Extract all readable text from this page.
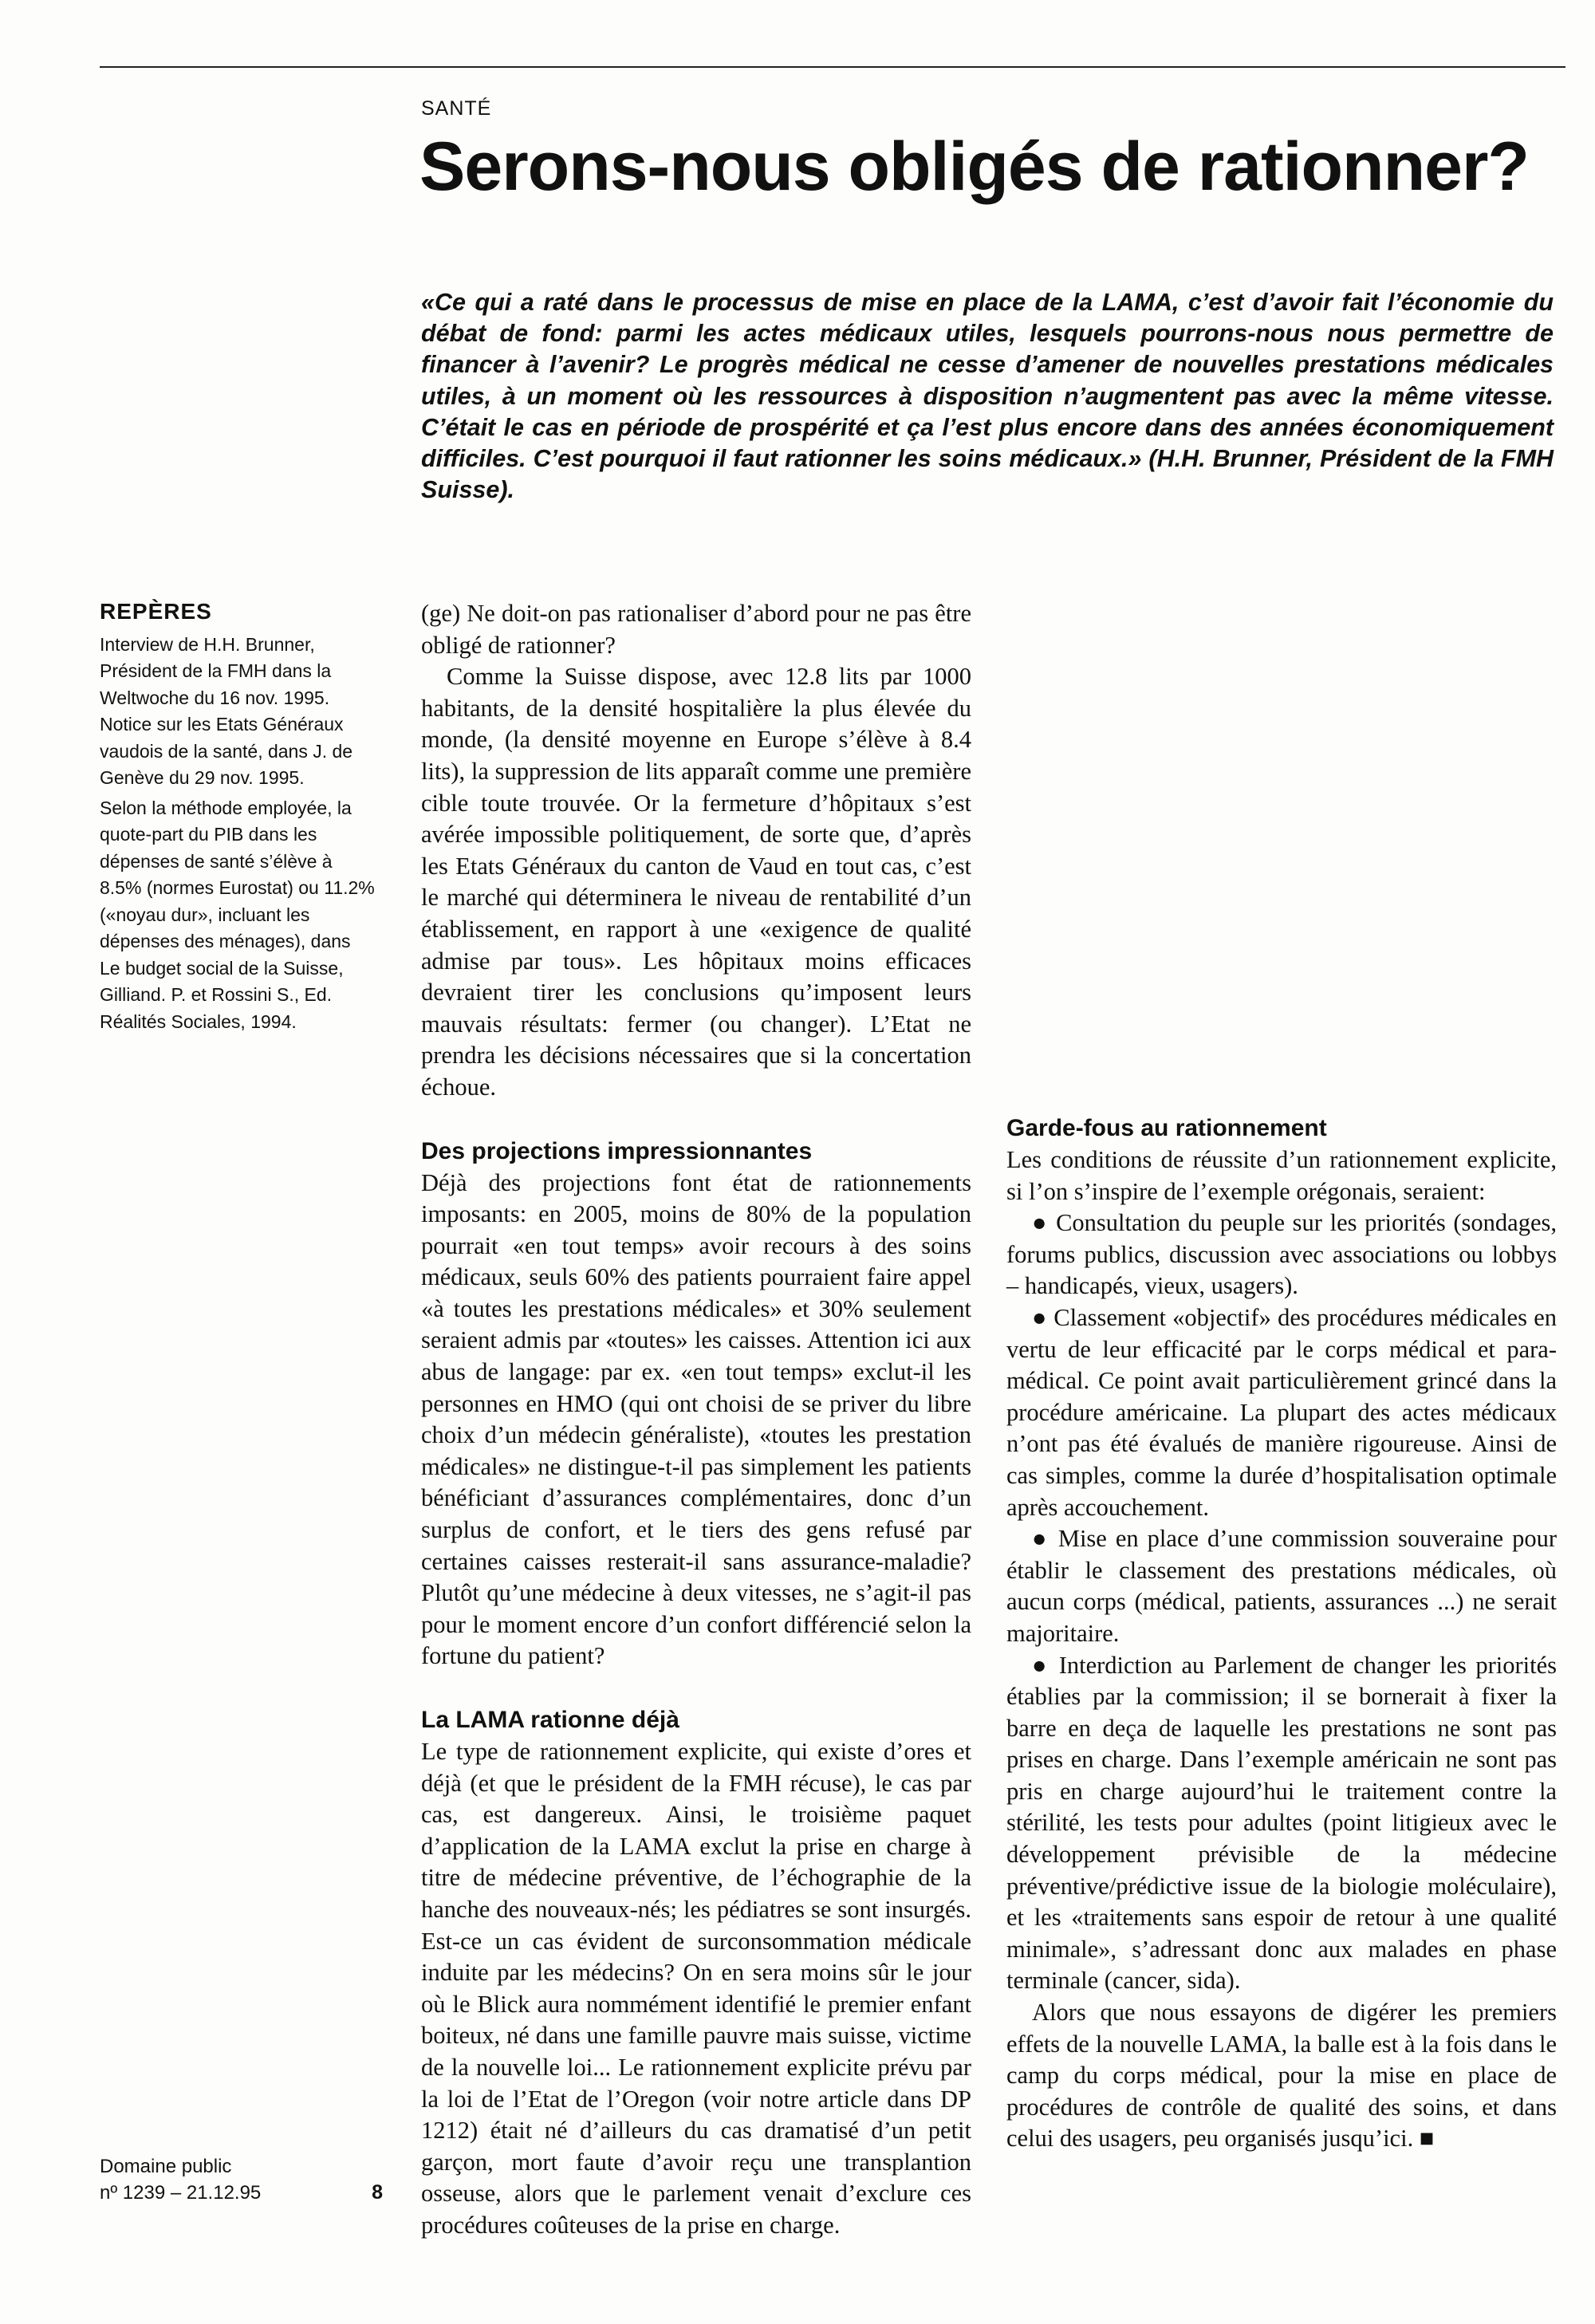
SANTÉ
Serons-nous obligés de rationner?

«Ce qui a raté dans le processus de mise en place de la LAMA, c’est d’avoir fait l’économie du débat de fond: parmi les actes médicaux utiles, lesquels pourrons-nous nous permettre de financer à l’avenir? Le progrès médical ne cesse d’amener de nouvelles prestations médicales utiles, à un moment où les ressources à disposition n’augmentent pas avec la même vitesse. C’était le cas en période de prospérité et ça l’est plus encore dans des années économiquement difficiles. C’est pourquoi il faut rationner les soins médicaux.» (H.H. Brunner, Président de la FMH Suisse).

REPÈRES

Interview de H.H. Brunner, Président de la FMH dans la Weltwoche du 16 nov. 1995. Notice sur les Etats Généraux vaudois de la santé, dans J. de Genève du 29 nov. 1995.

Selon la méthode employée, la quote-part du PIB dans les dépenses de santé s’élève à 8.5% (normes Eurostat) ou 11.2% («noyau dur», incluant les dépenses des ménages), dans Le budget social de la Suisse, Gilliand. P. et Rossini S., Ed. Réalités Sociales, 1994.

Domaine public
nº 1239 – 21.12.95	8

(ge) Ne doit-on pas rationaliser d’abord pour ne pas être obligé de rationner?

Comme la Suisse dispose, avec 12.8 lits par 1000 habitants, de la densité hospitalière la plus élevée du monde, (la densité moyenne en Europe s’élève à 8.4 lits), la suppression de lits apparaît comme une première cible toute trouvée. Or la fermeture d’hôpitaux s’est avérée impossible politiquement, de sorte que, d’après les Etats Généraux du canton de Vaud en tout cas, c’est le marché qui déterminera le niveau de rentabilité d’un établissement, en rapport à une «exigence de qualité admise par tous». Les hôpitaux moins efficaces devraient tirer les conclusions qu’imposent leurs mauvais résultats: fermer (ou changer). L’Etat ne prendra les décisions nécessaires que si la concertation échoue.

Des projections impressionnantes

Déjà des projections font état de rationnements imposants: en 2005, moins de 80% de la population pourrait «en tout temps» avoir recours à des soins médicaux, seuls 60% des patients pourraient faire appel «à toutes les prestations médicales» et 30% seulement seraient admis par «toutes» les caisses. Attention ici aux abus de langage: par ex. «en tout temps» exclut-il les personnes en HMO (qui ont choisi de se priver du libre choix d’un médecin généraliste), «toutes les prestation médicales» ne distingue-t-il pas simplement les patients bénéficiant d’assurances complémentaires, donc d’un surplus de confort, et le tiers des gens refusé par certaines caisses resterait-il sans assurance-maladie? Plutôt qu’une médecine à deux vitesses, ne s’agit-il pas pour le moment encore d’un confort différencié selon la fortune du patient?

La LAMA rationne déjà

Le type de rationnement explicite, qui existe d’ores et déjà (et que le président de la FMH récuse), le cas par cas, est dangereux. Ainsi, le troisième paquet d’application de la LAMA exclut la prise en charge à titre de médecine préventive, de l’échographie de la hanche des nouveaux-nés; les pédiatres se sont insurgés. Est-ce un cas évident de surconsommation médicale induite par les médecins? On en sera moins sûr le jour où le Blick aura nommément identifié le premier enfant boiteux, né dans une famille pauvre mais suisse, victime de la nouvelle loi... Le rationnement explicite prévu par la loi de l’Etat de l’Oregon (voir notre article dans DP 1212) était né d’ailleurs du cas dramatisé d’un petit garçon, mort faute d’avoir reçu une transplantion osseuse, alors que le parlement venait d’exclure ces procédures coûteuses de la prise en charge.

Garde-fous au rationnement

Les conditions de réussite d’un rationnement explicite, si l’on s’inspire de l’exemple orégonais, seraient:

● Consultation du peuple sur les priorités (sondages, forums publics, discussion avec associations ou lobbys – handicapés, vieux, usagers).

● Classement «objectif» des procédures médicales en vertu de leur efficacité par le corps médical et para-médical. Ce point avait particulièrement grincé dans la procédure américaine. La plupart des actes médicaux n’ont pas été évalués de manière rigoureuse. Ainsi de cas simples, comme la durée d’hospitalisation optimale après accouchement.

● Mise en place d’une commission souveraine pour établir le classement des prestations médicales, où aucun corps (médical, patients, assurances ...) ne serait majoritaire.

● Interdiction au Parlement de changer les priorités établies par la commission; il se bornerait à fixer la barre en deça de laquelle les prestations ne sont pas prises en charge. Dans l’exemple américain ne sont pas pris en charge aujourd’hui le traitement contre la stérilité, les tests pour adultes (point litigieux avec le développement prévisible de la médecine préventive/prédictive issue de la biologie moléculaire), et les «traitements sans espoir de retour à une qualité minimale», s’adressant donc aux malades en phase terminale (cancer, sida).

Alors que nous essayons de digérer les premiers effets de la nouvelle LAMA, la balle est à la fois dans le camp du corps médical, pour la mise en place de procédures de contrôle de qualité des soins, et dans celui des usagers, peu organisés jusqu’ici. ■
